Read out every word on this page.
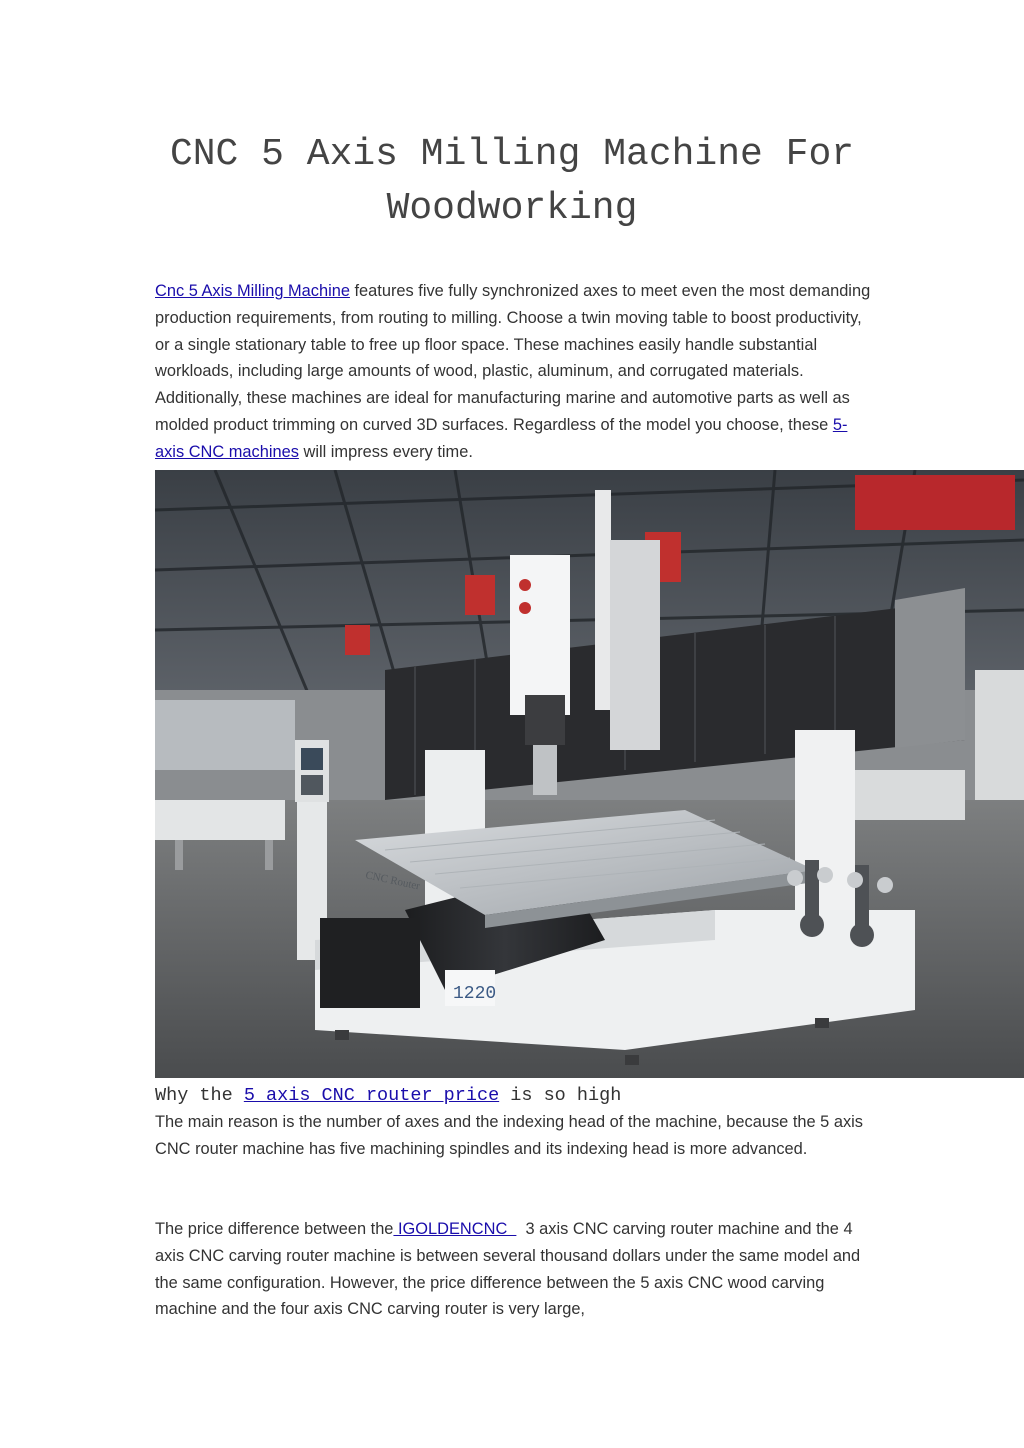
CNC 5 Axis Milling Machine For
Woodworking

Cnc 5 Axis Milling Machine features five fully synchronized axes to meet even the most demanding production requirements, from routing to milling. Choose a twin moving table to boost productivity, or a single stationary table to free up floor space. These machines easily handle substantial workloads, including large amounts of wood, plastic, aluminum, and corrugated materials. Additionally, these machines are ideal for manufacturing marine and automotive parts as well as molded product trimming on curved 3D surfaces. Regardless of the model you choose, these 5-axis CNC machines will impress every time.

CNC Router
1220
Why the 5 axis CNC router price is so high

The main reason is the number of axes and the indexing head of the machine, because the 5 axis CNC router machine has five machining spindles and its indexing head is more advanced.

The price difference between the IGOLDENCNC    3 axis CNC carving router machine and the 4 axis CNC carving router machine is between several thousand dollars under the same model and the same configuration. However, the price difference between the 5 axis CNC wood carving machine and the four axis CNC carving router is very large,
